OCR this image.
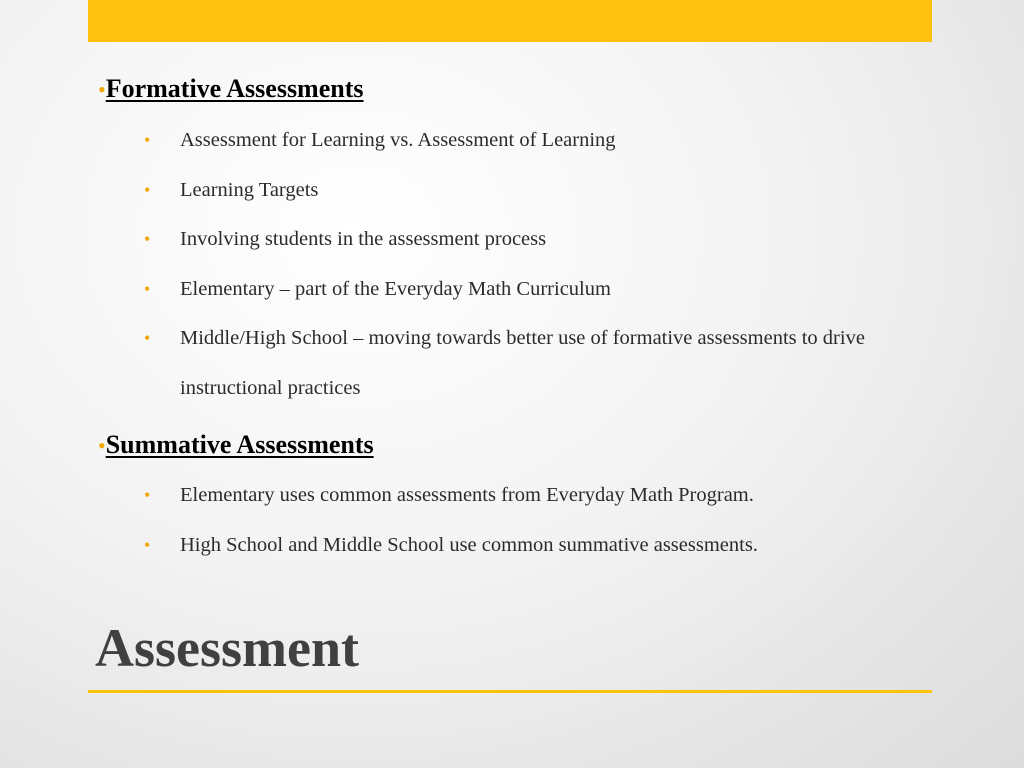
•Formative Assessments

• Assessment for Learning vs. Assessment of Learning
• Learning Targets
• Involving students in the assessment process
• Elementary – part of the Everyday Math Curriculum
• Middle/High School – moving towards better use of formative assessments to drive instructional practices

•Summative Assessments

• Elementary uses common assessments from Everyday Math Program.
• High School and Middle School use common summative assessments.
Assessment
